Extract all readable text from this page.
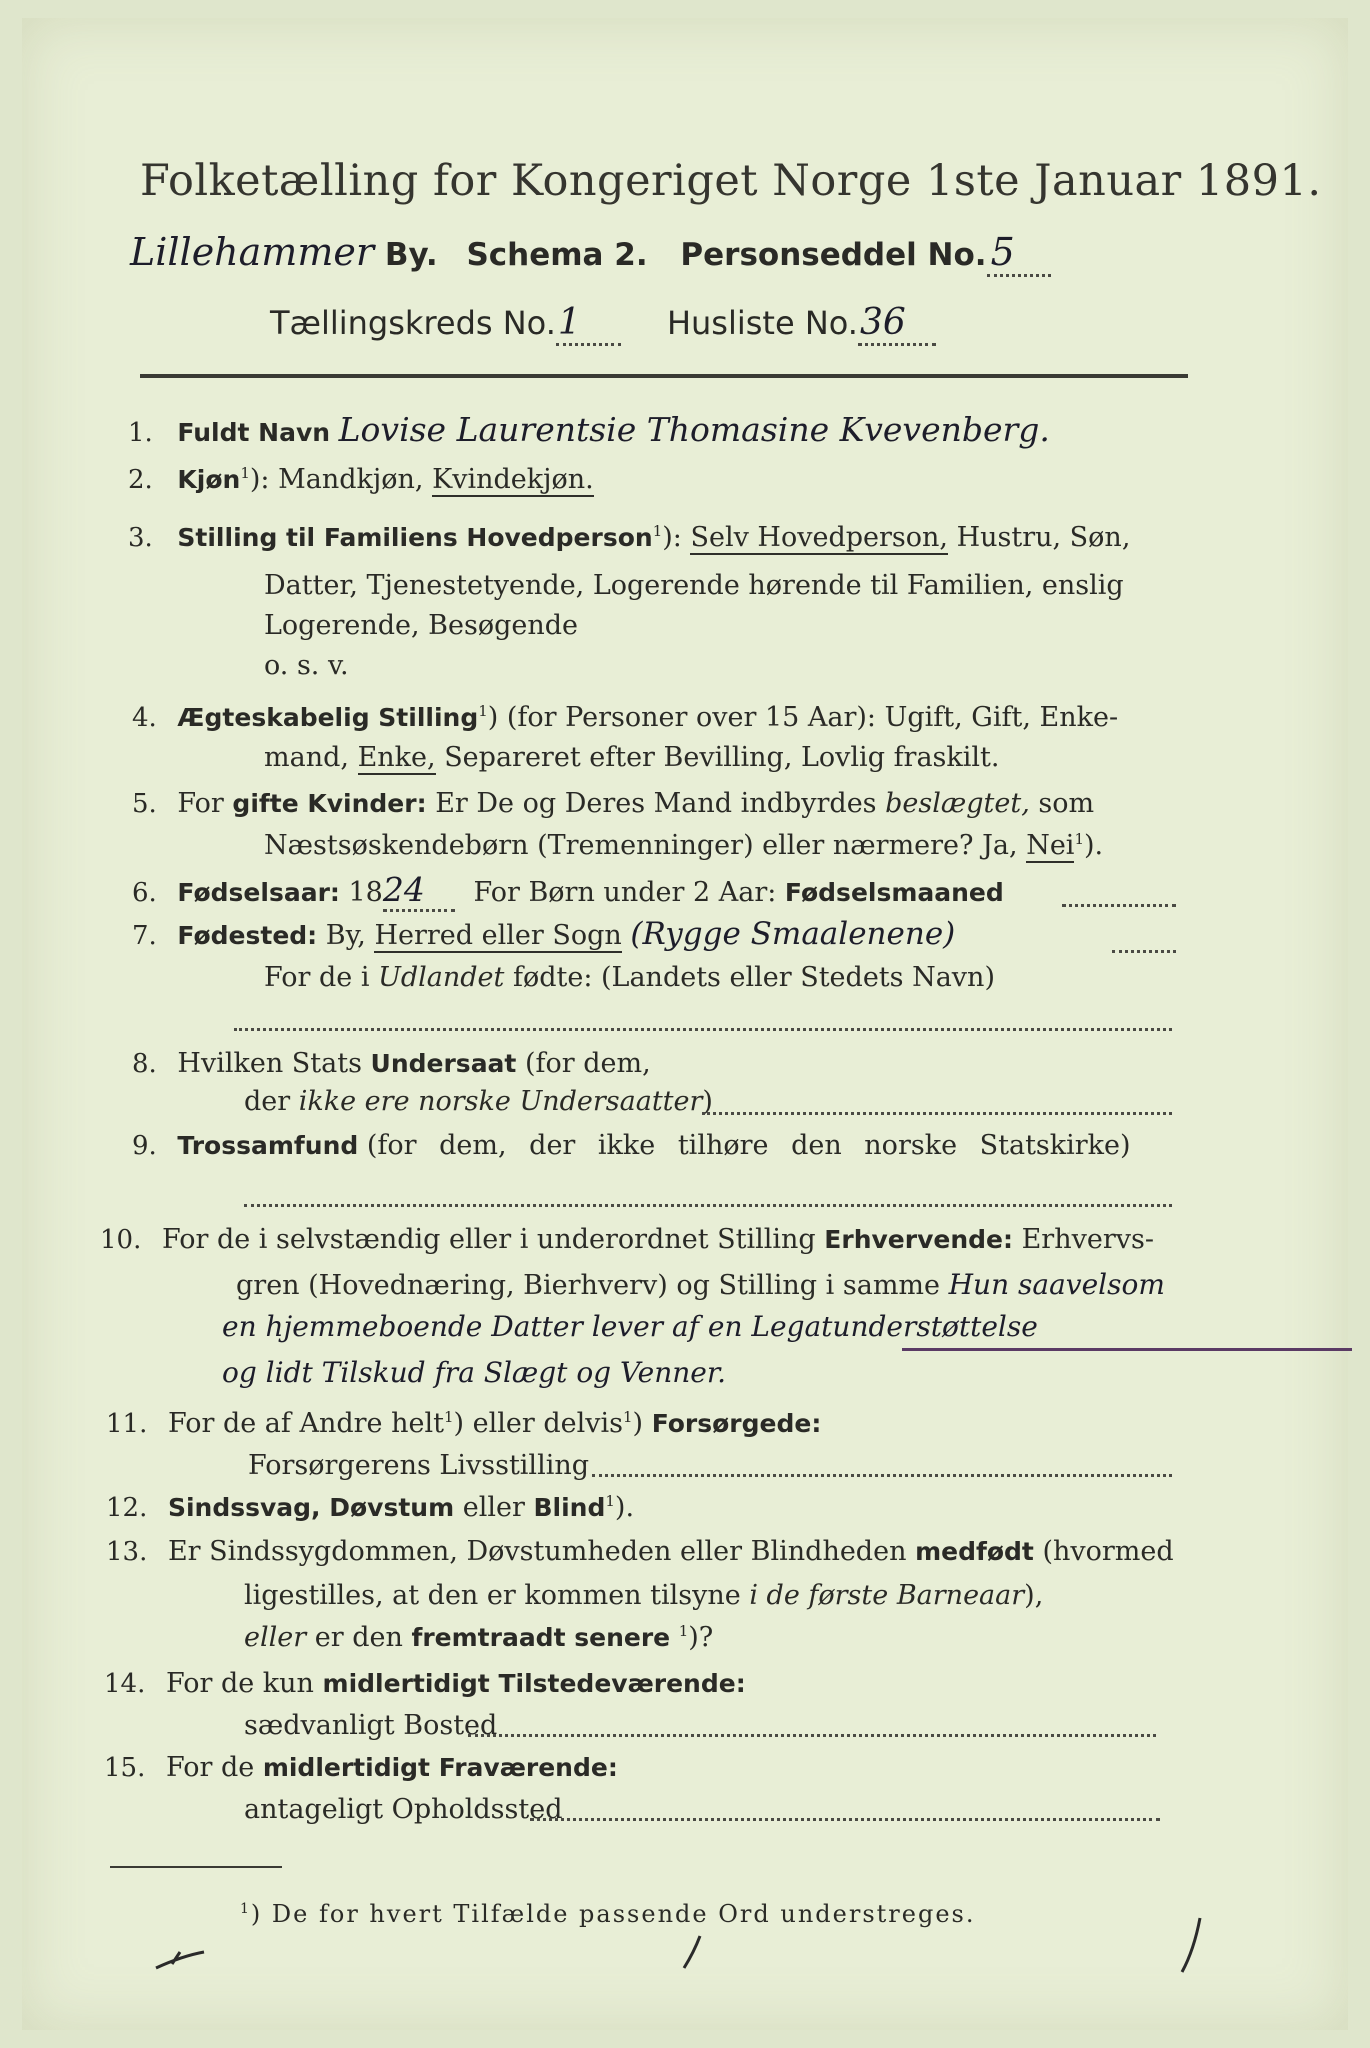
Folketælling for Kongeriget Norge 1ste Januar 1891.
Lillehammer By. Schema 2. Personseddel No. 5
Tællingskreds No.1	Husliste No.36
1. Fuldt Navn Lovise Laurentsie Thomasine Kvevenberg.
2. Kjøn$^1$): Mandkjøn, Kvindekjøn.
3. Stilling til Familiens Hovedperson$^1$): Selv Hovedperson, Hustru, Søn,
Datter, Tjenestetyende, Logerende hørende til Familien, enslig
Logerende, Besøgende
o. s. v.
4. Ægteskabelig Stilling$^1$) (for Personer over 15 Aar): Ugift, Gift, Enke-
mand, Enke, Separeret efter Bevilling, Lovlig fraskilt.
5. For gifte Kvinder: Er De og Deres Mand indbyrdes beslægtet, som
Næstsøskendebørn (Tremenninger) eller nærmere? Ja, Nei$^1$).
6. Fødselsaar: 1824 For Børn under 2 Aar: Fødselsmaaned
7. Fødested: By, Herred eller Sogn (Rygge Smaalenene)
For de i Udlandet fødte: (Landets eller Stedets Navn)
8. Hvilken Stats Undersaat (for dem,
der ikke ere norske Undersaatter)
9. Trossamfund (for dem, der ikke tilhøre den norske Statskirke)
10. For de i selvstændig eller i underordnet Stilling Erhvervende: Erhvervs-
gren (Hovednæring, Bierhverv) og Stilling i samme Hun saavelsom
en hjemmeboende Datter lever af en Legatunderstøttelse
og lidt Tilskud fra Slægt og Venner.
11. For de af Andre helt$^1$) eller delvis$^1$) Forsørgede:
Forsørgerens Livsstilling
12. Sindssvag, Døvstum eller Blind$^1$).
13. Er Sindssygdommen, Døvstumheden eller Blindheden medfødt (hvormed
ligestilles, at den er kommen tilsyne i de første Barneaar),
eller er den fremtraadt senere $^1$)?
14. For de kun midlertidigt Tilstedeværende:
sædvanligt Bosted
15. For de midlertidigt Fraværende:
antageligt Opholdssted
$^1$) De for hvert Tilfælde passende Ord understreges.
